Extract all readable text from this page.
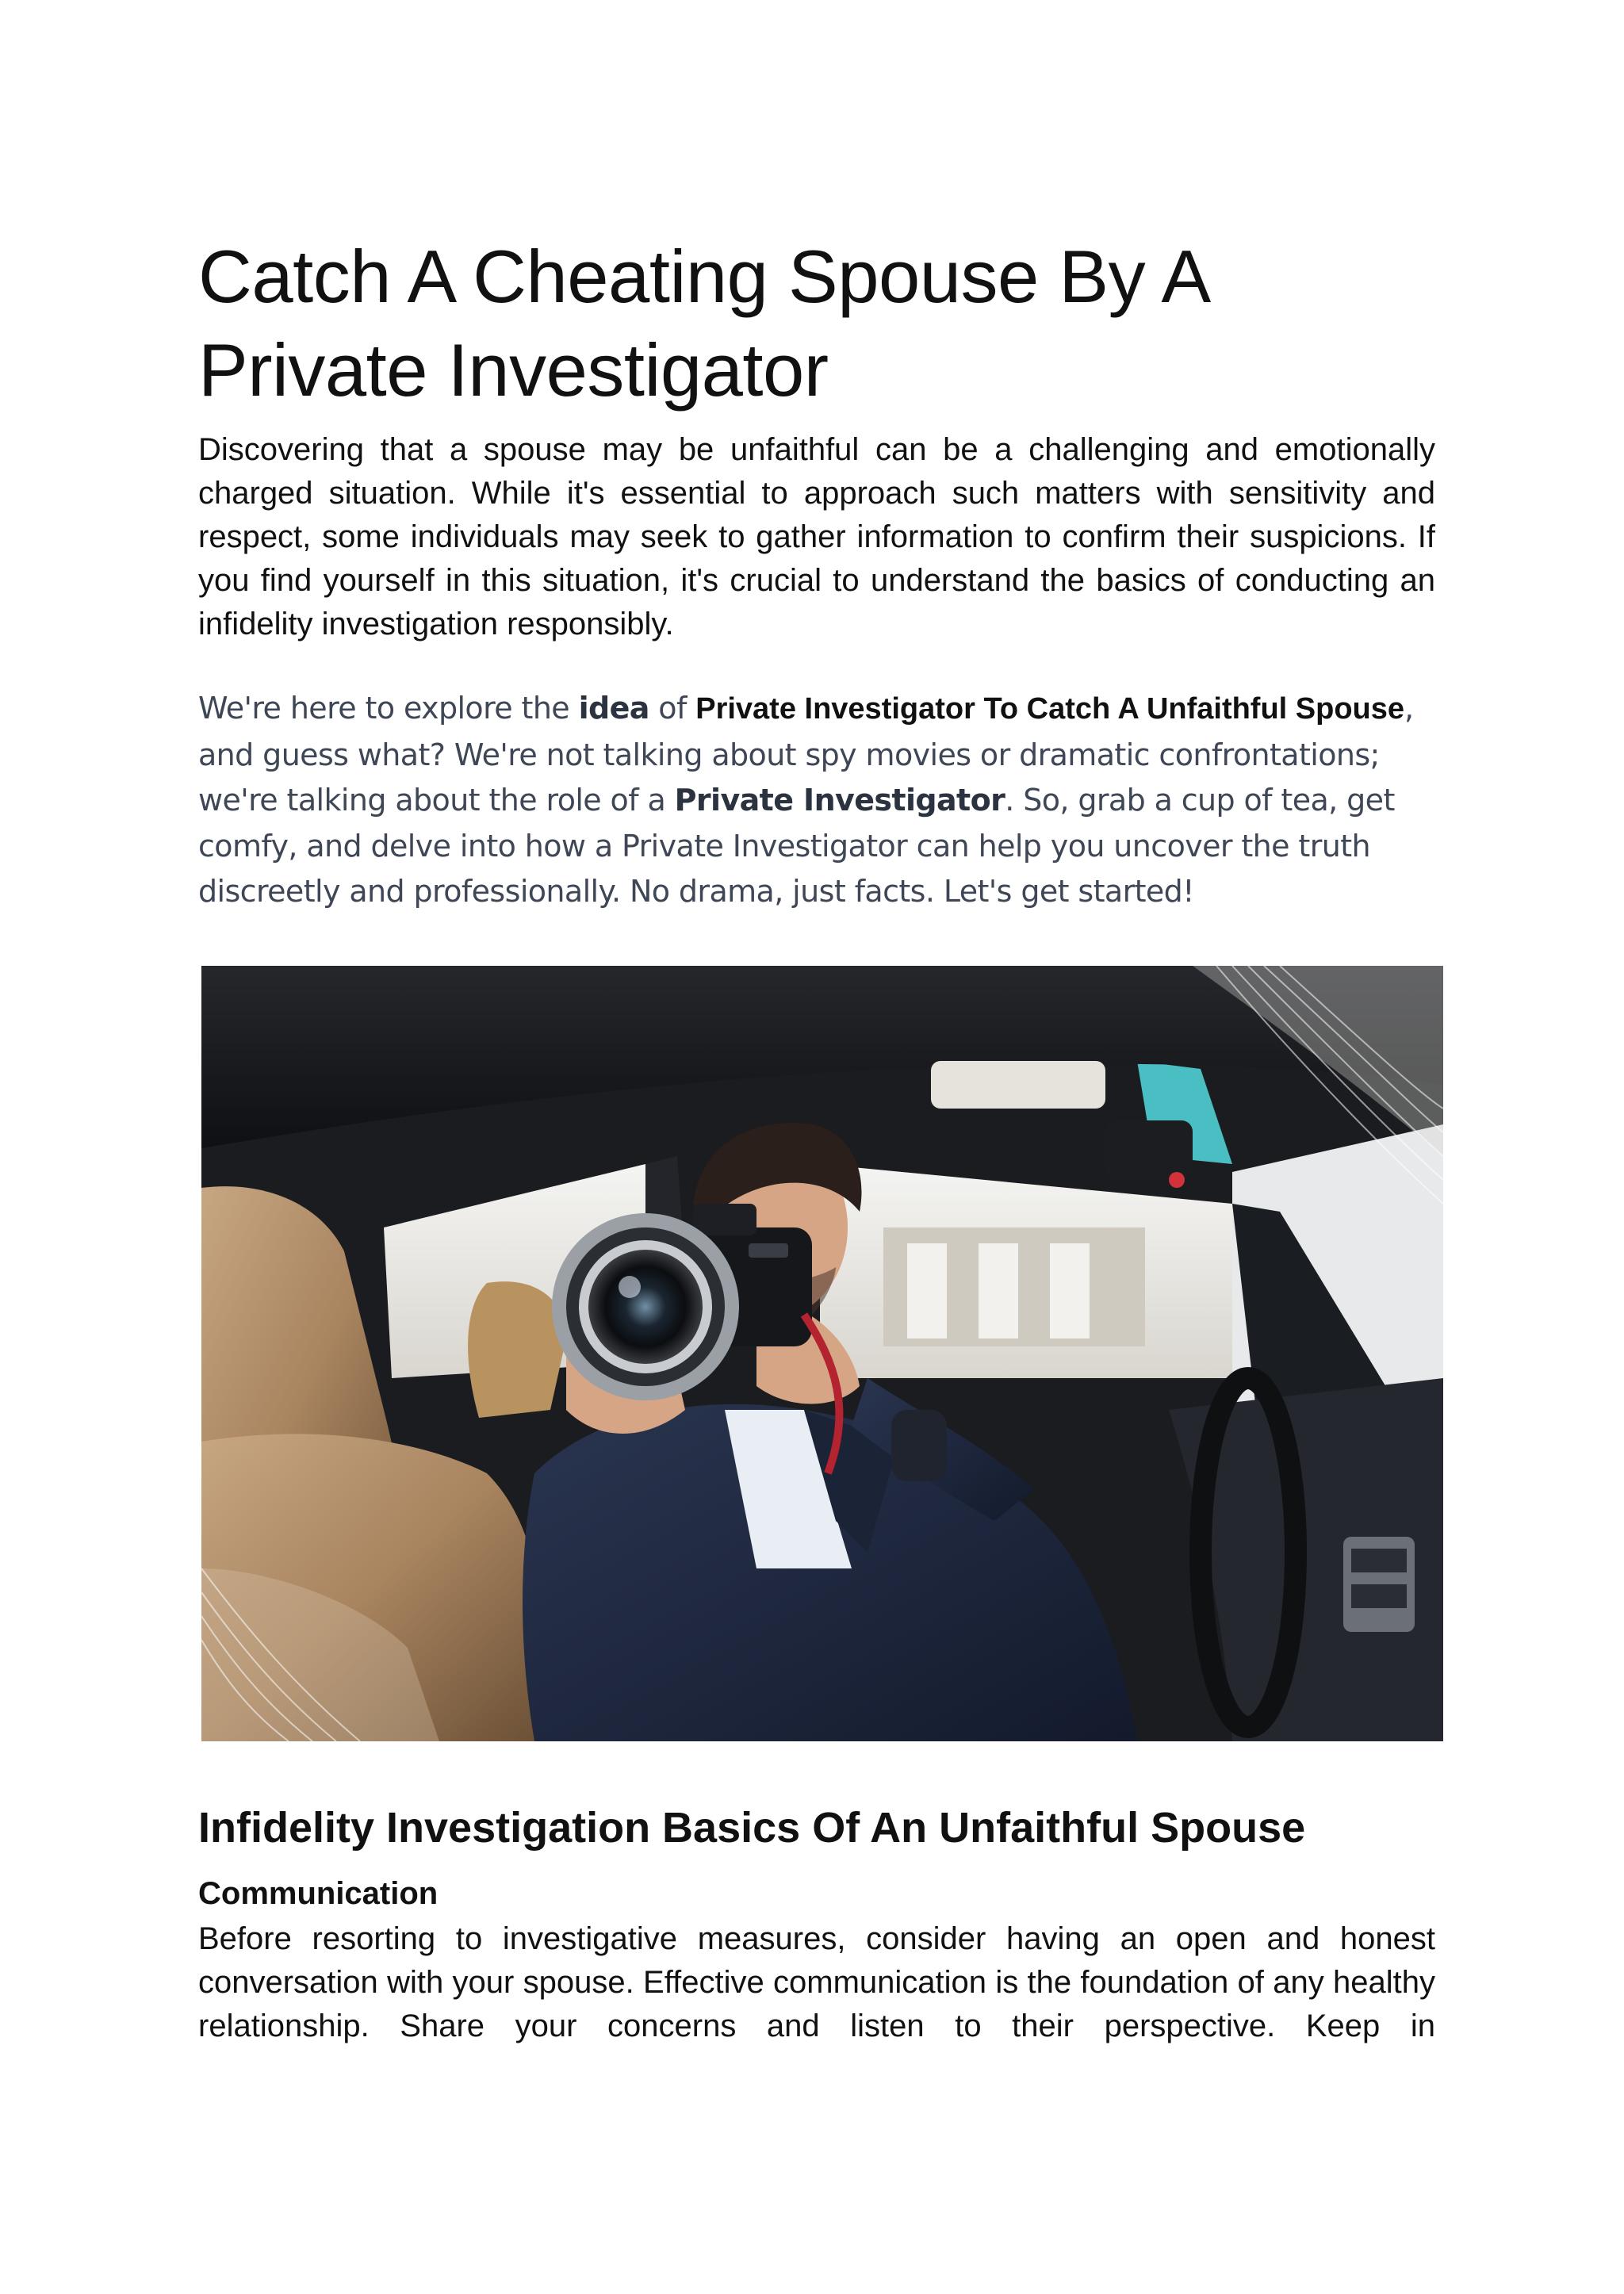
Catch A Cheating Spouse By A Private Investigator

Discovering that a spouse may be unfaithful can be a challenging and emotionally charged situation. While it's essential to approach such matters with sensitivity and respect, some individuals may seek to gather information to confirm their suspicions. If you find yourself in this situation, it's crucial to understand the basics of conducting an infidelity investigation responsibly.

We're here to explore the idea of Private Investigator To Catch A Unfaithful Spouse, and guess what? We're not talking about spy movies or dramatic confrontations; we're talking about the role of a Private Investigator. So, grab a cup of tea, get comfy, and delve into how a Private Investigator can help you uncover the truth discreetly and professionally. No drama, just facts. Let's get started!

Infidelity Investigation Basics Of An Unfaithful Spouse
Communication

Before resorting to investigative measures, consider having an open and honest conversation with your spouse. Effective communication is the foundation of any healthy relationship. Share your concerns and listen to their perspective. Keep in
